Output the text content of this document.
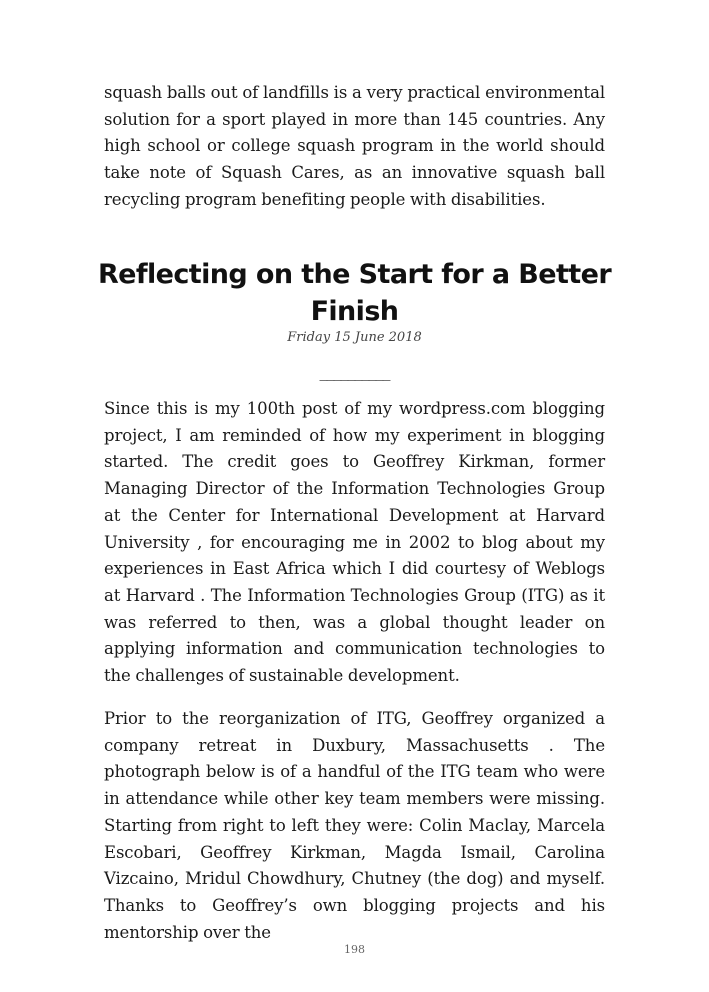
squash balls out of landfills is a very practical environmental solution for a sport played in more than 145 countries. Any high school or college squash program in the world should take note of Squash Cares, as an innovative squash ball recycling program benefiting people with disabilities.

Reflecting on the Start for a Better Finish
Friday 15 June 2018
__________

Since this is my 100th post of my wordpress.com blogging project, I am reminded of how my experiment in blogging started. The credit goes to Geoffrey Kirkman, former Managing Director of the Information Technologies Group at the Center for International Development at Harvard University , for encouraging me in 2002 to blog about my experiences in East Africa which I did courtesy of Weblogs at Harvard . The Information Technologies Group (ITG) as it was referred to then, was a global thought leader on applying information and communication technologies to the challenges of sustainable development.

Prior to the reorganization of ITG, Geoffrey organized a company retreat in Duxbury, Massachusetts . The photograph below is of a handful of the ITG team who were in attendance while other key team members were missing. Starting from right to left they were: Colin Maclay, Marcela Escobari, Geoffrey Kirkman, Magda Ismail, Carolina Vizcaino, Mridul Chowdhury, Chutney (the dog) and myself. Thanks to Geoffrey’s own blogging projects and his mentorship over the

198
